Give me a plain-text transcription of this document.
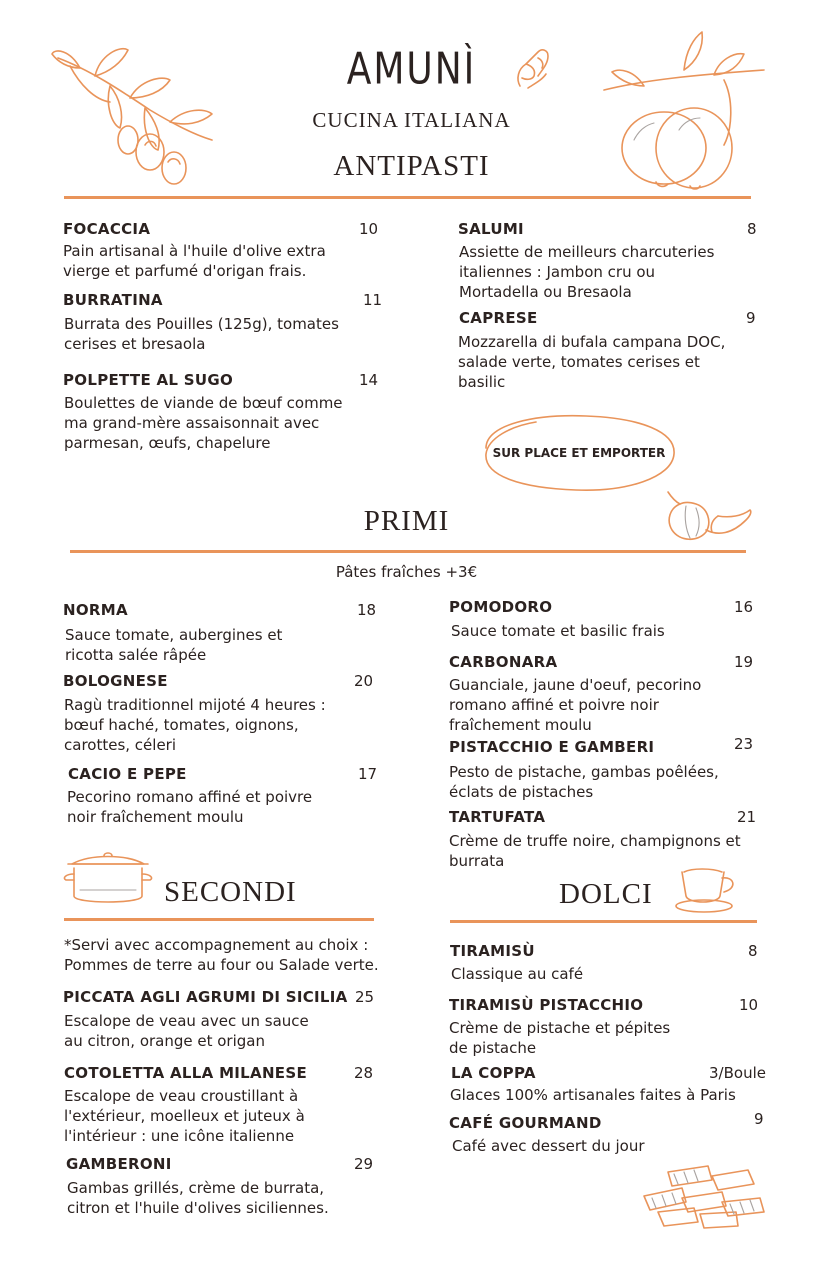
AMUNÌ
CUCINA ITALIANA
ANTIPASTI
FOCACCIA	10
Pain artisanal à l'huile d'olive extra vierge et parfumé d'origan frais.
BURRATINA	11
Burrata des Pouilles (125g), tomates cerises et bresaola
POLPETTE AL SUGO	14
Boulettes de viande de bœuf comme ma grand-mère assaisonnait avec parmesan, œufs, chapelure
SALUMI	8
Assiette de meilleurs charcuteries italiennes : Jambon cru ou Mortadella ou Bresaola
CAPRESE	9
Mozzarella di bufala campana DOC, salade verte, tomates cerises et basilic
SUR PLACE ET EMPORTER
PRIMI
Pâtes fraîches +3€
NORMA	18
Sauce tomate, aubergines et ricotta salée râpée
BOLOGNESE	20
Ragù traditionnel mijoté 4 heures : bœuf haché, tomates, oignons, carottes, céleri
CACIO E PEPE	17
Pecorino romano affiné et poivre noir fraîchement moulu
POMODORO	16
Sauce tomate et basilic frais
CARBONARA	19
Guanciale, jaune d'oeuf, pecorino romano affiné et poivre noir fraîchement moulu
PISTACCHIO E GAMBERI	23
Pesto de pistache, gambas poêlées, éclats de pistaches
TARTUFATA	21
Crème de truffe noire, champignons et burrata
SECONDI
*Servi avec accompagnement au choix : Pommes de terre au four ou Salade verte.
PICCATA AGLI AGRUMI DI SICILIA 25
Escalope de veau avec un sauce au citron, orange et origan
COTOLETTA ALLA MILANESE	28
Escalope de veau croustillant à l'extérieur, moelleux et juteux à l'intérieur : une icône italienne
GAMBERONI	29
Gambas grillés, crème de burrata, citron et l'huile d'olives siciliennes.
DOLCI
TIRAMISÙ	8
Classique au café
TIRAMISÙ PISTACCHIO	10
Crème de pistache et pépites de pistache
LA COPPA	3/Boule
Glaces 100% artisanales faites à Paris
CAFÉ GOURMAND	9
Café avec dessert du jour
